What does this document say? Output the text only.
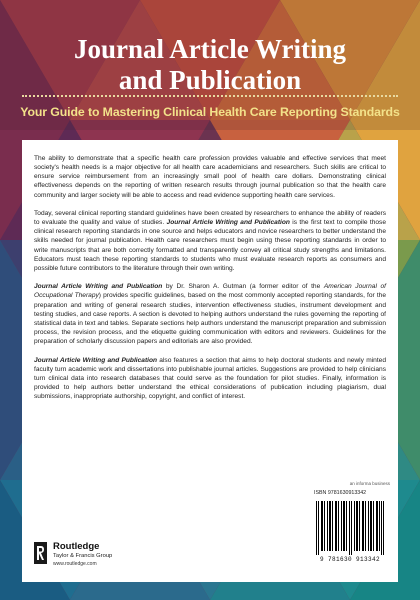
Journal Article Writing
and Publication

Your Guide to Mastering Clinical Health Care Reporting Standards

The ability to demonstrate that a specific health care profession provides valuable and effective services that meet society's health needs is a major objective for all health care academicians and researchers. Such skills are critical to ensure service reimbursement from an increasingly small pool of health care dollars. Demonstrating clinical effectiveness depends on the reporting of written research results through journal publication so that the health care community and larger society will be able to access and read evidence supporting health care services.

Today, several clinical reporting standard guidelines have been created by researchers to enhance the ability of readers to evaluate the quality and value of studies. Journal Article Writing and Publication is the first text to compile those clinical research reporting standards in one source and helps educators and novice researchers to better understand the skills needed for journal publication. Health care researchers must begin using these reporting standards in order to write manuscripts that are both correctly formatted and transparently convey all critical study strengths and limitations. Educators must teach these reporting standards to students who must evaluate research reports as consumers and possible future contributors to the literature through their own writing.

Journal Article Writing and Publication by Dr. Sharon A. Gutman (a former editor of the American Journal of Occupational Therapy) provides specific guidelines, based on the most commonly accepted reporting standards, for the preparation and writing of general research studies, intervention effectiveness studies, instrument development and testing studies, and case reports. A section is devoted to helping authors understand the rules governing the reporting of statistical data in text and tables. Separate sections help authors understand the manuscript preparation and submission process, the revision process, and the etiquette guiding communication with editors and reviewers. Guidelines for the preparation of scholarly discussion papers and editorials are also provided.

Journal Article Writing and Publication also features a section that aims to help doctoral students and newly minted faculty turn academic work and dissertations into publishable journal articles. Suggestions are provided to help clinicians turn clinical data into research databases that could serve as the foundation for pilot studies. Finally, information is provided to help authors better understand the ethical considerations of publication including plagiarism, dual submissions, inappropriate authorship, copyright, and conflict of interest.

an informa business
ISBN 9781630913342
9 781630 913342
Routledge
Taylor & Francis Group
www.routledge.com
